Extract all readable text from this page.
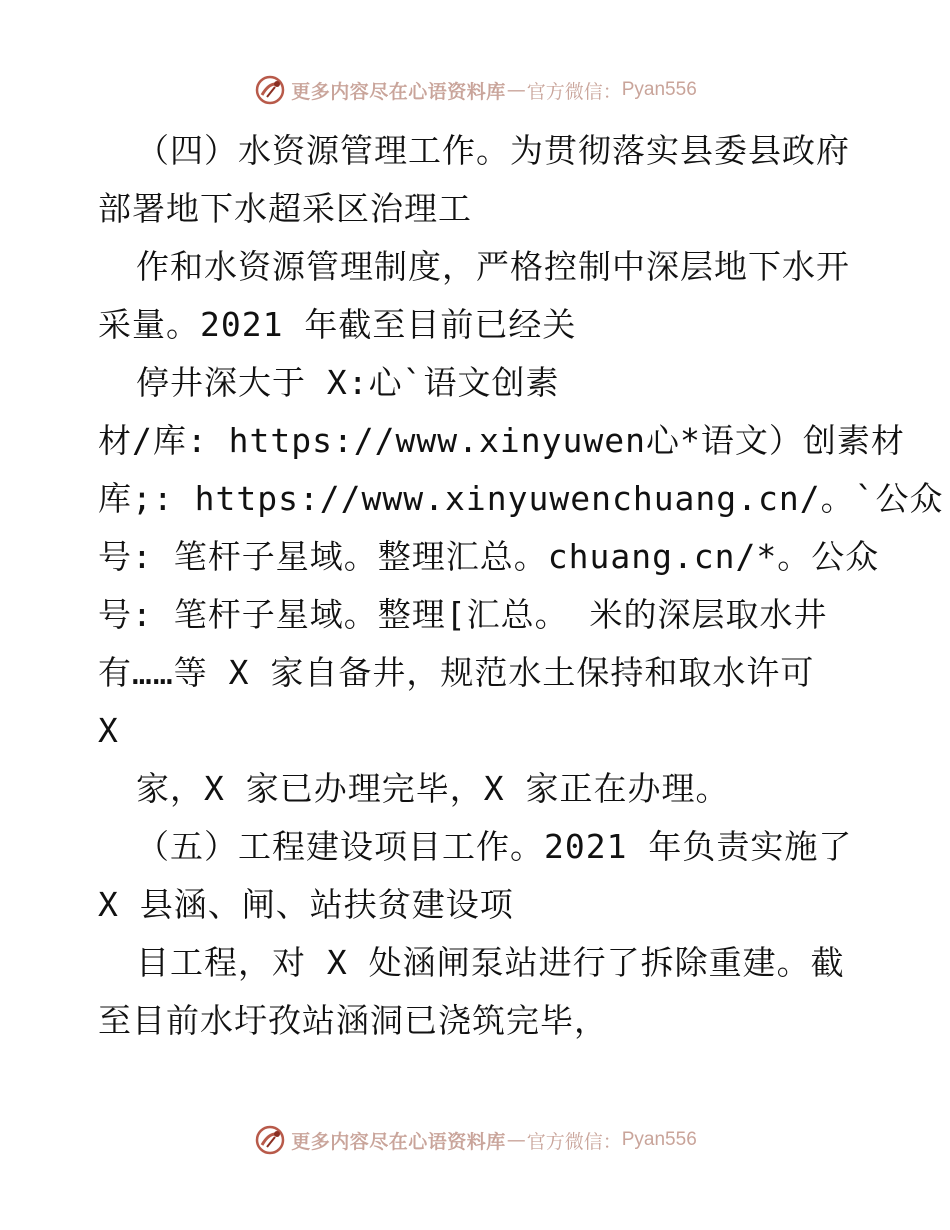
更多内容尽在心语资料库 — 官方微信： Pyan556
（四）水资源管理工作。为贯彻落实县委县政府
部署地下水超采区治理工
作和水资源管理制度，严格控制中深层地下水开
采量。2021 年截至目前已经关
停井深大于 X:心`语文创素
材/库: https://www.xinyuwen心*语文）创素材
库;: https://www.xinyuwenchuang.cn/。`公众
号: 笔杆子星域。整理汇总。chuang.cn/*。公众
号: 笔杆子星域。整理[汇总。 米的深层取水井
有……等 X 家自备井，规范水土保持和取水许可
X
家，X 家已办理完毕，X 家正在办理。
（五）工程建设项目工作。2021 年负责实施了
X 县涵、闸、站扶贫建设项
目工程，对 X 处涵闸泵站进行了拆除重建。截
至目前水圩孜站涵洞已浇筑完毕，
更多内容尽在心语资料库 — 官方微信： Pyan556
